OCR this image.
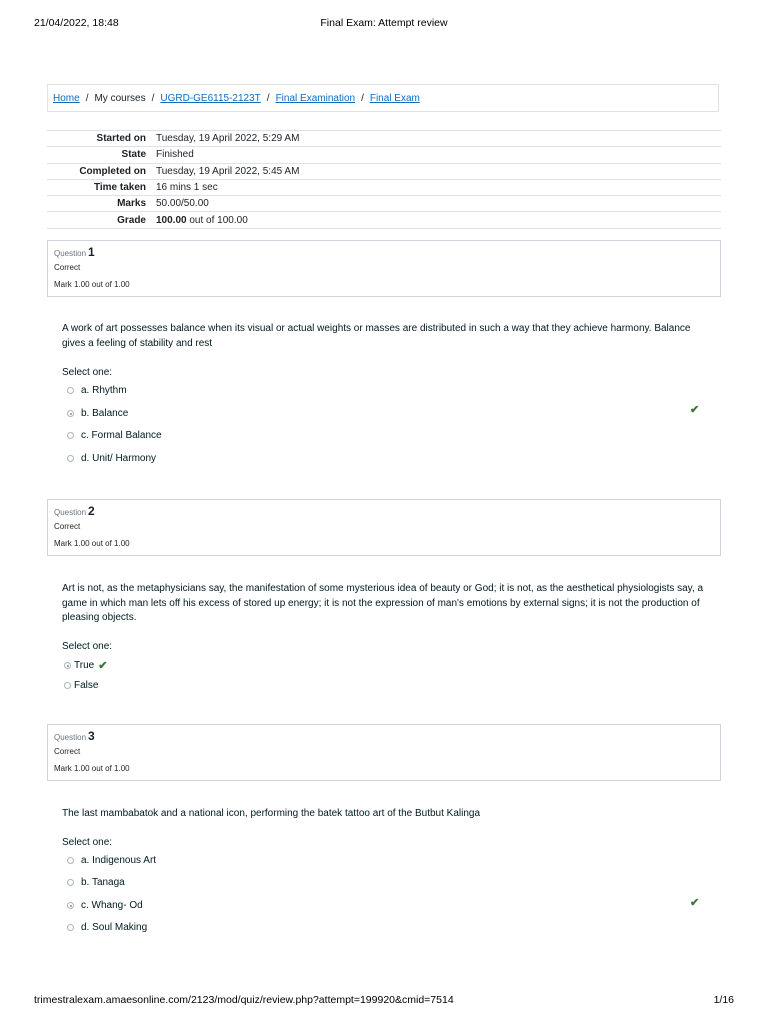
21/04/2022, 18:48	Final Exam: Attempt review
Home / My courses / UGRD-GE6115-2123T / Final Examination / Final Exam
Started on	Tuesday, 19 April 2022, 5:29 AM
State	Finished
Completed on	Tuesday, 19 April 2022, 5:45 AM
Time taken	16 mins 1 sec
Marks	50.00/50.00
Grade	100.00 out of 100.00
Question 1
Correct
Mark 1.00 out of 1.00
A work of art possesses balance when its visual or actual weights or masses are distributed in such a way that they achieve harmony. Balance gives a feeling of stability and rest
Select one:
a. Rhythm
b. Balance	✔
c. Formal Balance
d. Unit/ Harmony
Question 2
Correct
Mark 1.00 out of 1.00
Art is not, as the metaphysicians say, the manifestation of some mysterious idea of beauty or God; it is not, as the aesthetical physiologists say, a game in which man lets off his excess of stored up energy; it is not the expression of man's emotions by external signs; it is not the production of pleasing objects.
Select one:
True ✔
False
Question 3
Correct
Mark 1.00 out of 1.00
The last mambabatok and a national icon, performing the batek tattoo art of the Butbut Kalinga
Select one:
a. Indigenous Art
b. Tanaga
c. Whang- Od	✔
d. Soul Making
trimestralexam.amaesonline.com/2123/mod/quiz/review.php?attempt=199920&cmid=7514	1/16
